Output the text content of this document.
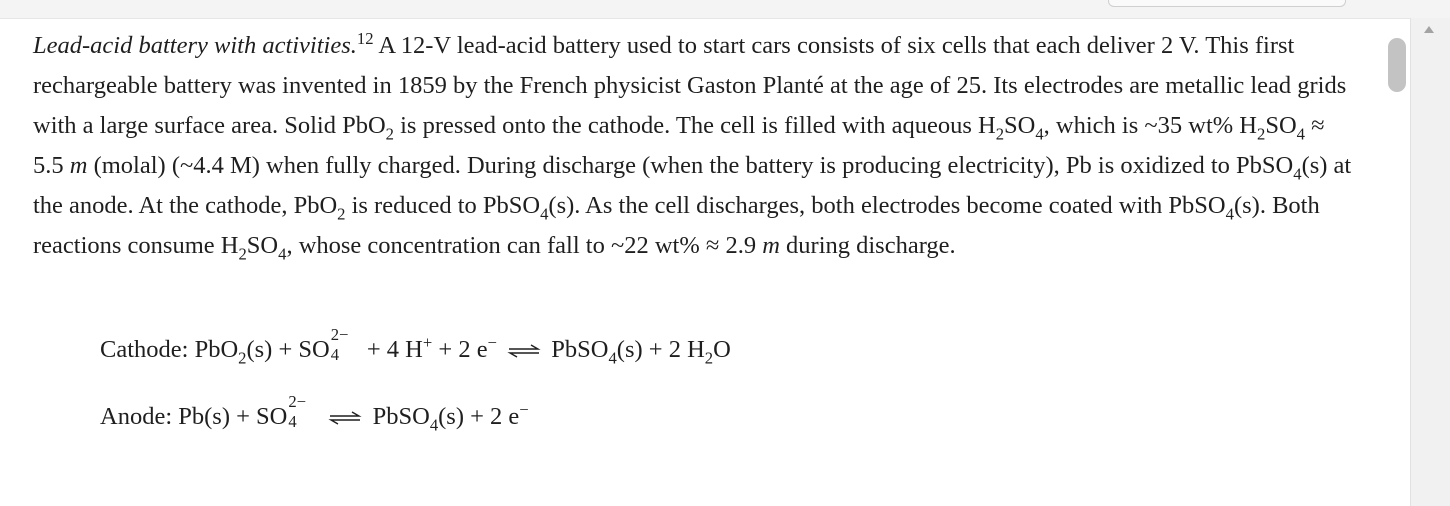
Lead-acid battery with activities.$^{12}$ A 12-V lead-acid battery used to start cars consists of six cells that each deliver 2 V. This first rechargeable battery was invented in 1859 by the French physicist Gaston Planté at the age of 25. Its electrodes are metallic lead grids with a large surface area. Solid PbO$_2$ is pressed onto the cathode. The cell is filled with aqueous $H_2SO_4$, which is ~35 wt% $H_2SO_4 \approx 5.5$ m (molal) (~4.4 M) when fully charged. During discharge (when the battery is producing electricity), Pb is oxidized to PbSO$_4$(s) at the anode. At the cathode, PbO$_2$ is reduced to PbSO$_4$(s). As the cell discharges, both electrodes become coated with PbSO$_4$(s). Both reactions consume $H_2SO_4$, whose concentration can fall to ~22 wt% ≈ 2.9 m during discharge.

Cathode: PbO$_2$(s) + SO
2−
4 + 4 H+ + 2 e− ⇌ PbSO$_4$(s) + 2 $H_2O$
Anode: Pb(s) + SO
2−
4 ⇌ PbSO$_4$(s) + 2 e−
